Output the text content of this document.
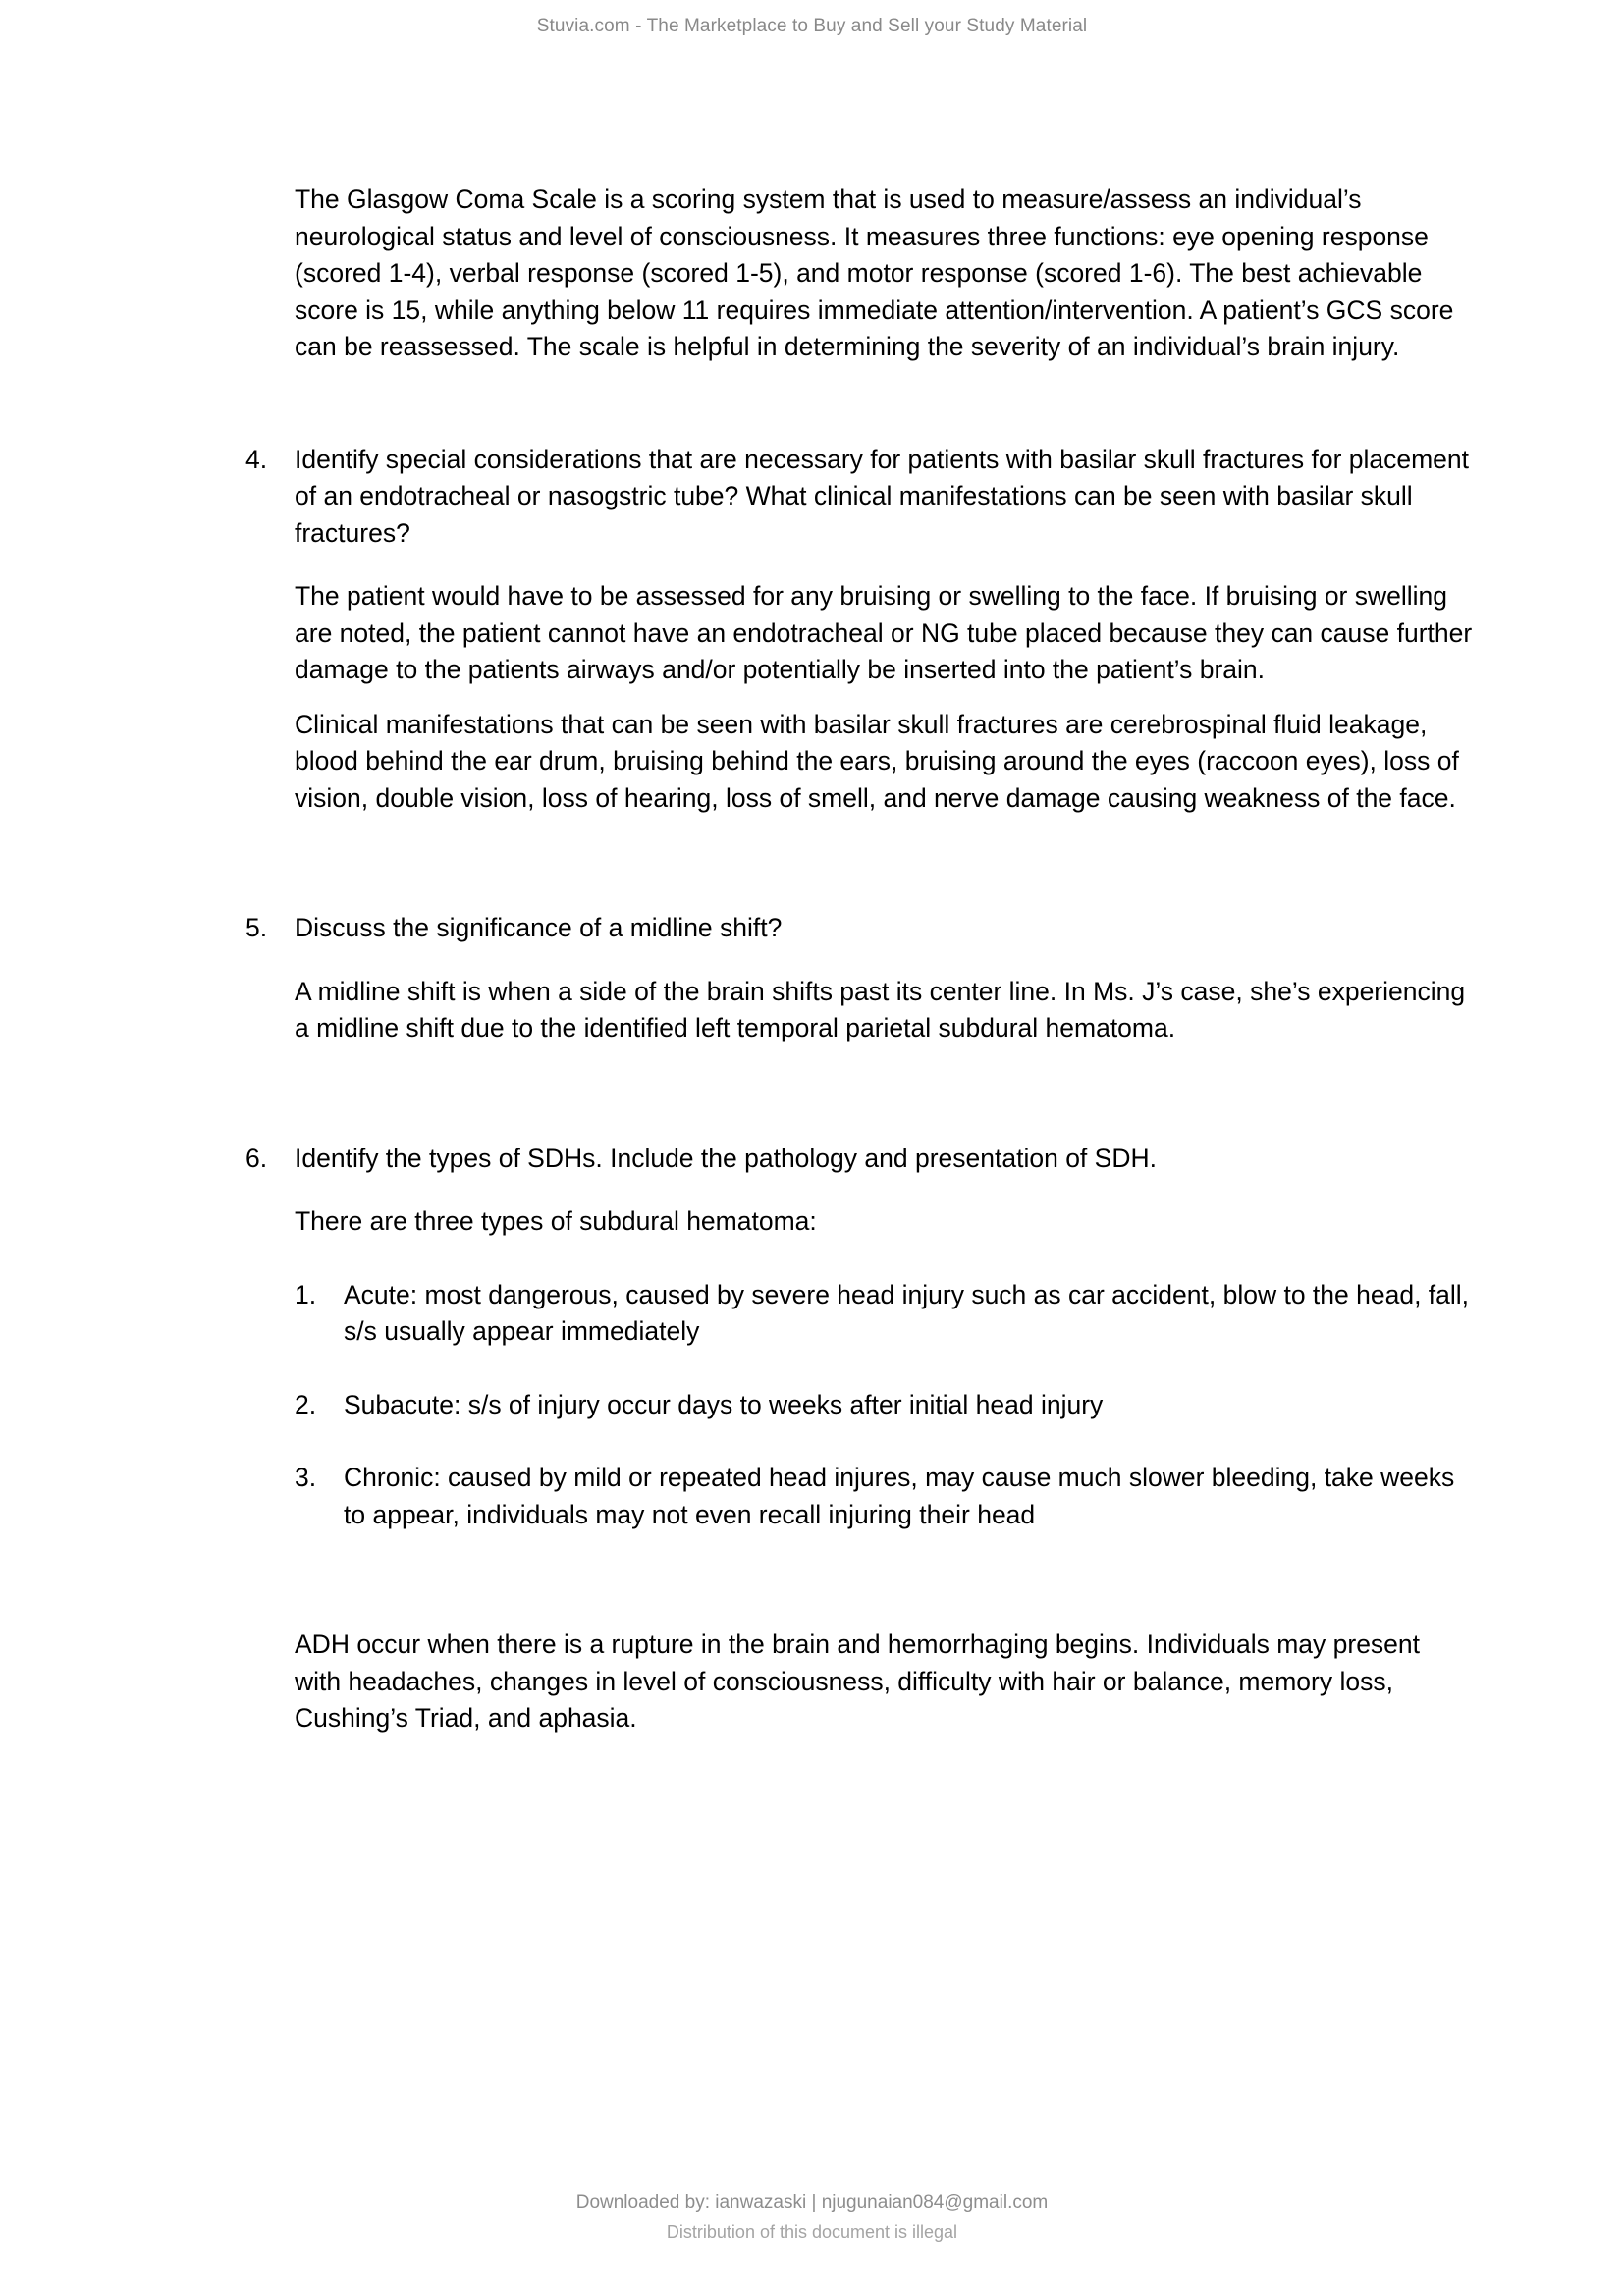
Stuvia.com - The Marketplace to Buy and Sell your Study Material

The Glasgow Coma Scale is a scoring system that is used to measure/assess an individual’s neurological status and level of consciousness. It measures three functions: eye opening response (scored 1-4), verbal response (scored 1-5), and motor response (scored 1-6). The best achievable score is 15, while anything below 11 requires immediate attention/intervention. A patient’s GCS score can be reassessed. The scale is helpful in determining the severity of an individual’s brain injury.

4.	Identify special considerations that are necessary for patients with basilar skull fractures for placement of an endotracheal or nasogstric tube? What clinical manifestations can be seen with basilar skull fractures?

The patient would have to be assessed for any bruising or swelling to the face. If bruising or swelling are noted, the patient cannot have an endotracheal or NG tube placed because they can cause further damage to the patients airways and/or potentially be inserted into the patient’s brain.

Clinical manifestations that can be seen with basilar skull fractures are cerebrospinal fluid leakage, blood behind the ear drum, bruising behind the ears, bruising around the eyes (raccoon eyes), loss of vision, double vision, loss of hearing, loss of smell, and nerve damage causing weakness of the face.

5.	Discuss the significance of a midline shift?

A midline shift is when a side of the brain shifts past its center line. In Ms. J’s case, she’s experiencing a midline shift due to the identified left temporal parietal subdural hematoma.

6.	Identify the types of SDHs. Include the pathology and presentation of SDH.

There are three types of subdural hematoma:

1.	Acute: most dangerous, caused by severe head injury such as car accident, blow to the head, fall, s/s usually appear immediately
2.	Subacute: s/s of injury occur days to weeks after initial head injury
3.	Chronic: caused by mild or repeated head injures, may cause much slower bleeding, take weeks to appear, individuals may not even recall injuring their head

ADH occur when there is a rupture in the brain and hemorrhaging begins. Individuals may present with headaches, changes in level of consciousness, difficulty with hair or balance, memory loss, Cushing’s Triad, and aphasia.

Downloaded by: ianwazaski | njugunaian084@gmail.com
Distribution of this document is illegal
